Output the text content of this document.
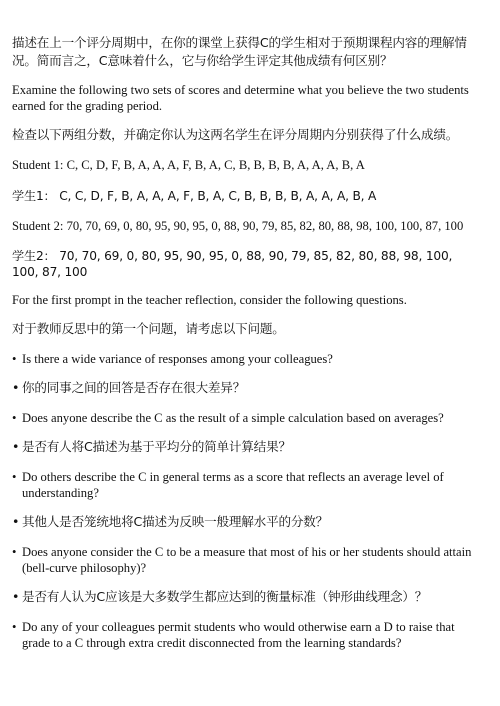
描述在上一个评分周期中，在你的课堂上获得C的学生相对于预期课程内容的理解情况。简而言之，C意味着什么，它与你给学生评定其他成绩有何区别？

Examine the following two sets of scores and determine what you believe the two students earned for the grading period.

检查以下两组分数，并确定你认为这两名学生在评分周期内分别获得了什么成绩。

Student 1: C, C, D, F, B, A, A, A, F, B, A, C, B, B, B, B, A, A, A, B, A

学生1： C, C, D, F, B, A, A, A, F, B, A, C, B, B, B, B, A, A, A, B, A

Student 2: 70, 70, 69, 0, 80, 95, 90, 95, 0, 88, 90, 79, 85, 82, 80, 88, 98, 100, 100, 87, 100

学生2： 70, 70, 69, 0, 80, 95, 90, 95, 0, 88, 90, 79, 85, 82, 80, 88, 98, 100, 100, 87, 100

For the first prompt in the teacher reflection, consider the following questions.

对于教师反思中的第一个问题，请考虑以下问题。

• Is there a wide variance of responses among your colleagues?
• 你的同事之间的回答是否存在很大差异？
• Does anyone describe the C as the result of a simple calculation based on averages?
• 是否有人将C描述为基于平均分的简单计算结果？
• Do others describe the C in general terms as a score that reflects an average level of understanding?
• 其他人是否笼统地将C描述为反映一般理解水平的分数？
• Does anyone consider the C to be a measure that most of his or her students should attain (bell-curve philosophy)?
• 是否有人认为C应该是大多数学生都应达到的衡量标准（钟形曲线理念）？
• Do any of your colleagues permit students who would otherwise earn a D to raise that grade to a C through extra credit disconnected from the learning standards?
